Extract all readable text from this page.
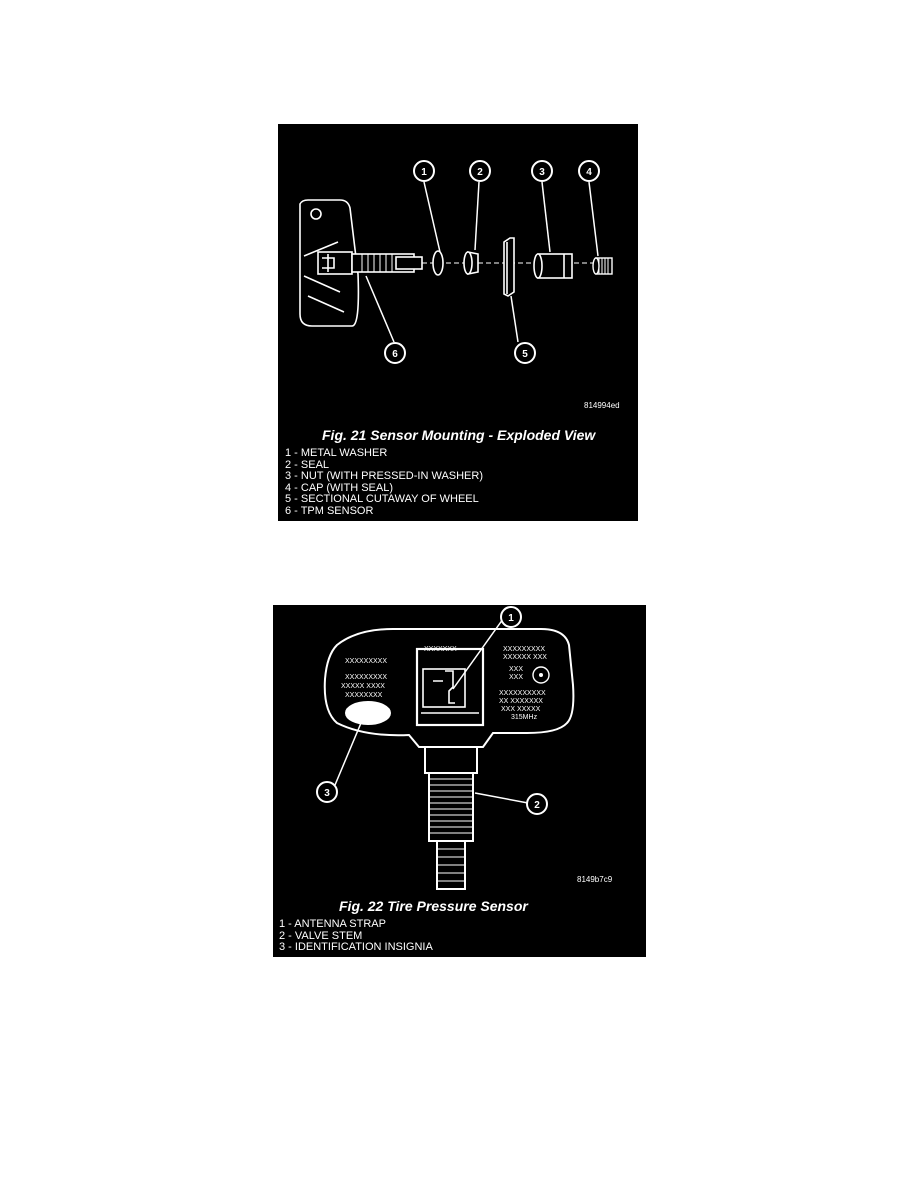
1	2	3	4
5
6
814994ed
Fig. 21 Sensor Mounting - Exploded View
1 - METAL WASHER
2 - SEAL
3 - NUT (WITH PRESSED-IN WASHER)
4 - CAP (WITH SEAL)
5 - SECTIONAL CUTAWAY OF WHEEL
6 - TPM SENSOR
XXXXXXX
XXXXXXXXX
XXXXXXXXX
XXXXX XXXX
XXXXXXXX
XXXXXXXXX
XXXXXX XXX
XXX
XXX
XXXXXXXXXX
XX XXXXXXX
XXX XXXXX
315MHz
1
2
3
8149b7c9
Fig. 22 Tire Pressure Sensor
1 - ANTENNA STRAP
2 - VALVE STEM
3 - IDENTIFICATION INSIGNIA
